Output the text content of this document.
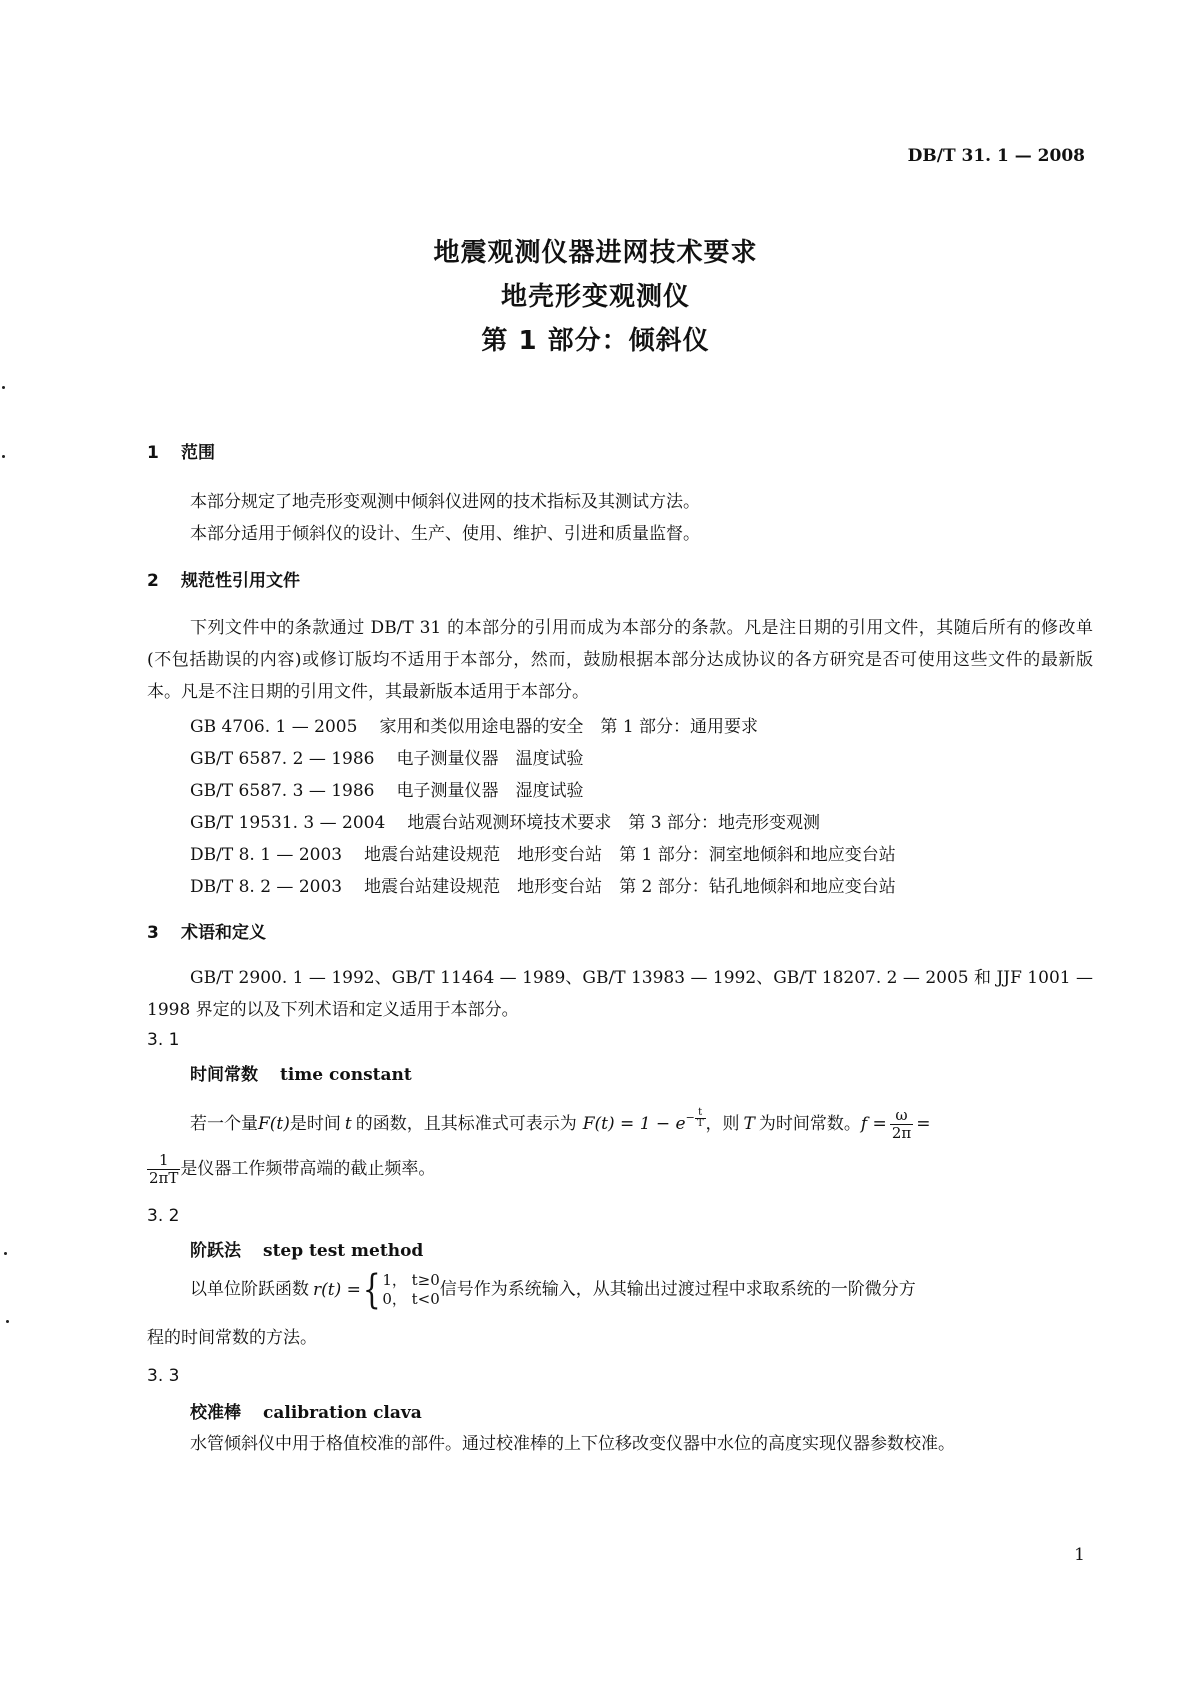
DB/T 31. 1 — 2008
地震观测仪器进网技术要求
地壳形变观测仪
第 1 部分：倾斜仪
1 范围
本部分规定了地壳形变观测中倾斜仪进网的技术指标及其测试方法。
本部分适用于倾斜仪的设计、生产、使用、维护、引进和质量监督。
2 规范性引用文件
下列文件中的条款通过 DB/T 31 的本部分的引用而成为本部分的条款。凡是注日期的引用文件，其随后所有的修改单(不包括勘误的内容)或修订版均不适用于本部分，然而，鼓励根据本部分达成协议的各方研究是否可使用这些文件的最新版本。凡是不注日期的引用文件，其最新版本适用于本部分。
GB 4706. 1 — 2005 家用和类似用途电器的安全　第 1 部分：通用要求
GB/T 6587. 2 — 1986 电子测量仪器　温度试验
GB/T 6587. 3 — 1986 电子测量仪器　湿度试验
GB/T 19531. 3 — 2004 地震台站观测环境技术要求　第 3 部分：地壳形变观测
DB/T 8. 1 — 2003 地震台站建设规范　地形变台站　第 1 部分：洞室地倾斜和地应变台站
DB/T 8. 2 — 2003 地震台站建设规范　地形变台站　第 2 部分：钻孔地倾斜和地应变台站
3 术语和定义
GB/T 2900. 1 — 1992、GB/T 11464 — 1989、GB/T 13983 — 1992、GB/T 18207. 2 — 2005 和 JJF 1001 — 1998 界定的以及下列术语和定义适用于本部分。
3. 1
时间常数 time constant
若一个量F(t)是时间 t 的函数，且其标准式可表示为 $F(t) = 1 - e^{- \frac{t}{T}}$ ，则 T 为时间常数。$f = \frac{\omega}{2\pi}$ =
$\frac{1}{2\pi T}$ 是仪器工作频带高端的截止频率。
3. 2
阶跃法 step test method
以单位阶跃函数 r(t) ={ 1， t≥0
0， t<0 信号作为系统输入，从其输出过渡过程中求取系统的一阶微分方
程的时间常数的方法。
3. 3
校准棒 calibration clava
水管倾斜仪中用于格值校准的部件。通过校准棒的上下位移改变仪器中水位的高度实现仪器参数校准。
1
